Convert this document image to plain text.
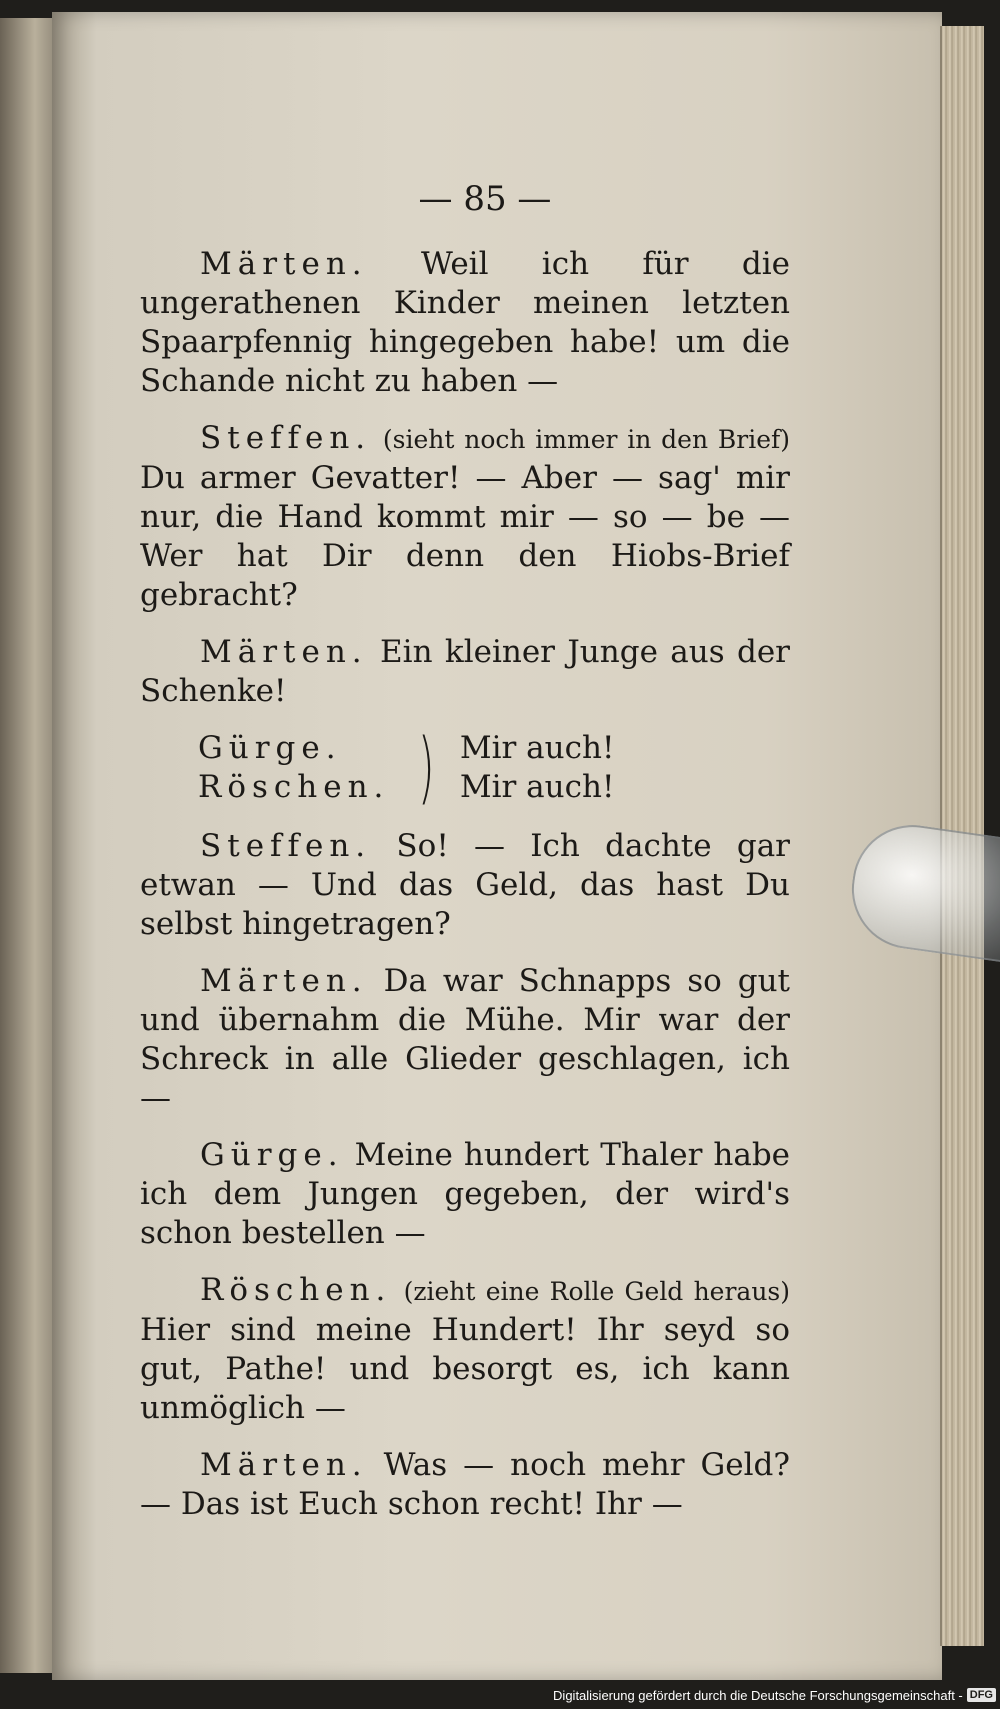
— 85 —

Märten. Weil ich für die ungerathenen Kinder meinen letzten Spaarpfennig hingegeben habe! um die Schande nicht zu haben —

Steffen. (sieht noch immer in den Brief) Du armer Gevatter! — Aber — sag' mir nur, die Hand kommt mir — so — be — Wer hat Dir denn den Hiobs-Brief gebracht?

Märten. Ein kleiner Junge aus der Schenke!

Gürge.
Röschen. ) Mir auch!
Mir auch!

Steffen. So! — Ich dachte gar etwan — Und das Geld, das hast Du selbst hingetragen?

Märten. Da war Schnapps so gut und übernahm die Mühe. Mir war der Schreck in alle Glieder geschlagen, ich —

Gürge. Meine hundert Thaler habe ich dem Jungen gegeben, der wird's schon bestellen —

Röschen. (zieht eine Rolle Geld heraus) Hier sind meine Hundert! Ihr seyd so gut, Pathe! und besorgt es, ich kann unmöglich —

Märten. Was — noch mehr Geld? — Das ist Euch schon recht! Ihr —

Digitalisierung gefördert durch die Deutsche Forschungsgemeinschaft - DFG
